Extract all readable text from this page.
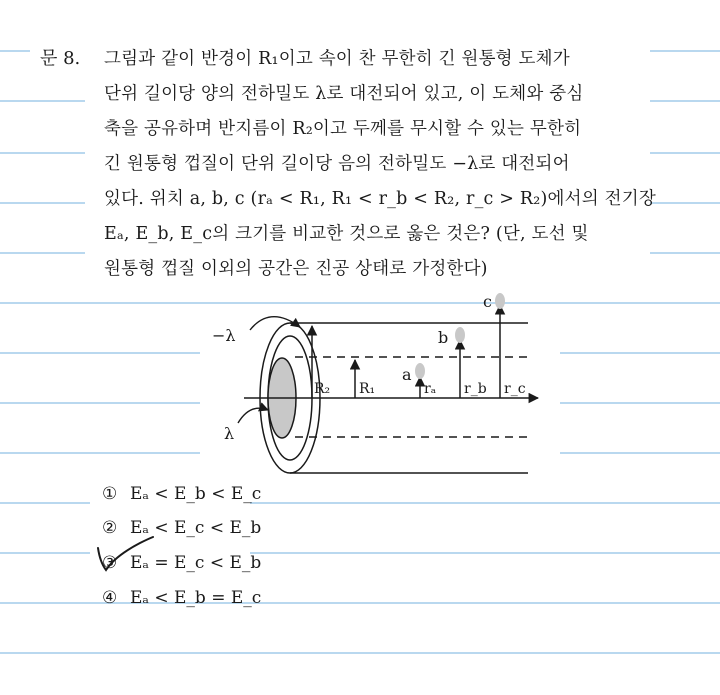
문 8. 그림과 같이 반경이 R₁이고 속이 찬 무한히 긴 원통형 도체가
단위 길이당 양의 전하밀도 λ로 대전되어 있고, 이 도체와 중심
축을 공유하며 반지름이 R₂이고 두께를 무시할 수 있는 무한히
긴 원통형 껍질이 단위 길이당 음의 전하밀도 −λ로 대전되어
있다. 위치 a, b, c (rₐ < R₁, R₁ < r_b < R₂, r_c > R₂)에서의 전기장
Eₐ, E_b, E_c의 크기를 비교한 것으로 옳은 것은? (단, 도선 및
원통형 껍질 이외의 공간은 진공 상태로 가정한다)
−λ
λ
a
b
c
R₂ R₁	rₐ r_b r_c
① Eₐ < E_b < E_c
② Eₐ < E_c < E_b
③ Eₐ = E_c < E_b
④ Eₐ < E_b = E_c
